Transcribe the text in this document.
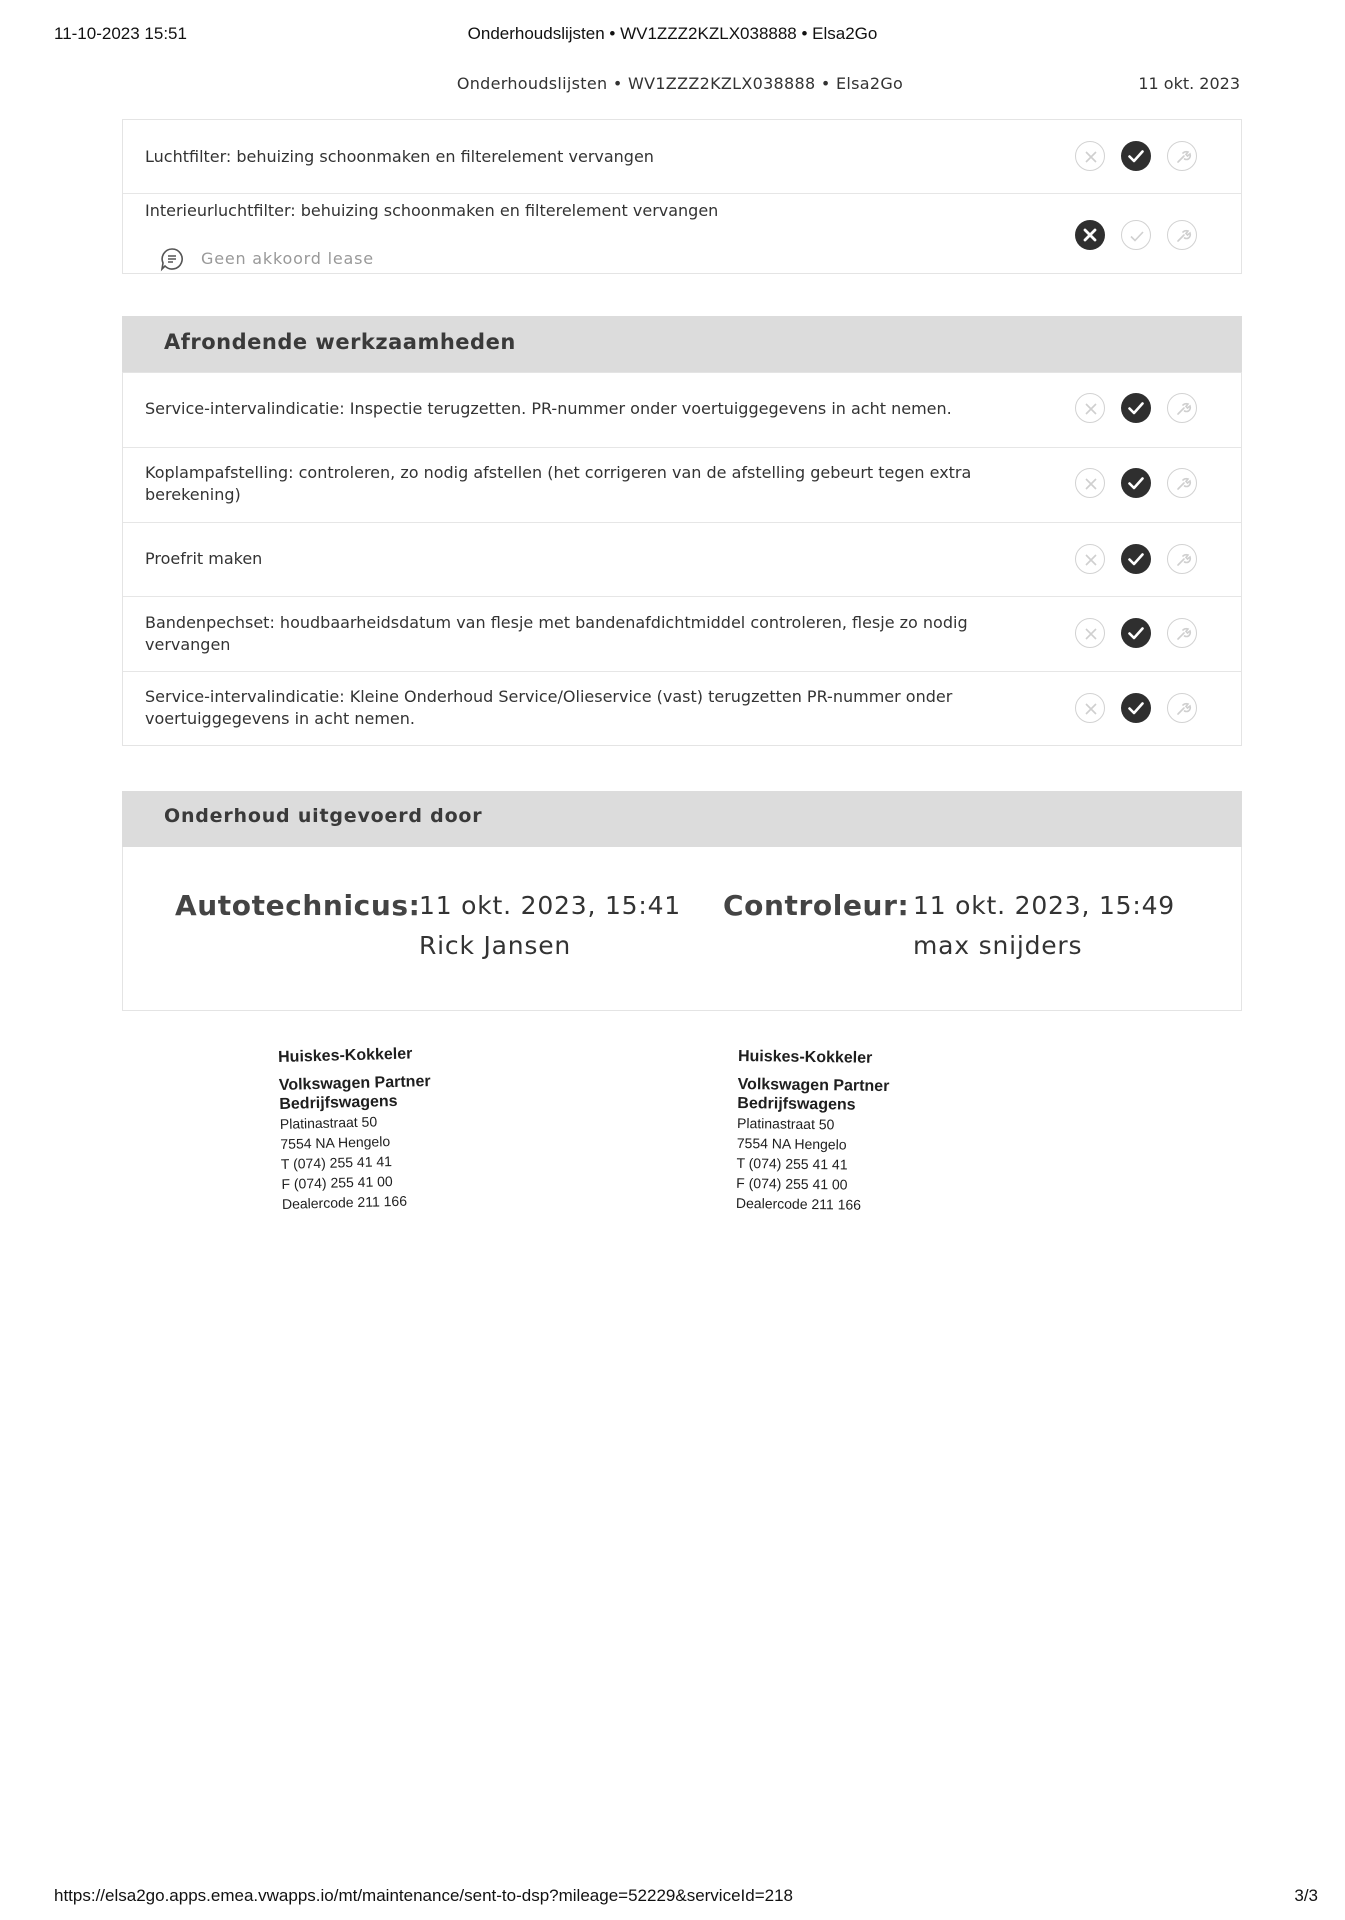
11-10-2023 15:51	Onderhoudslijsten • WV1ZZZ2KZLX038888 • Elsa2Go
Onderhoudslijsten • WV1ZZZ2KZLX038888 • Elsa2Go	11 okt. 2023
Luchtfilter: behuizing schoonmaken en filterelement vervangen
Interieurluchtfilter: behuizing schoonmaken en filterelement vervangen
Geen akkoord lease
Afrondende werkzaamheden
Service-intervalindicatie: Inspectie terugzetten. PR-nummer onder voertuiggegevens in acht nemen.
Koplampafstelling: controleren, zo nodig afstellen (het corrigeren van de afstelling gebeurt tegen extra berekening)
Proefrit maken
Bandenpechset: houdbaarheidsdatum van flesje met bandenafdichtmiddel controleren, flesje zo nodig vervangen
Service-intervalindicatie: Kleine Onderhoud Service/Olieservice (vast) terugzetten PR-nummer onder voertuiggegevens in acht nemen.
Onderhoud uitgevoerd door
Autotechnicus:
11 okt. 2023, 15:41
Rick Jansen
Controleur: 11 okt. 2023, 15:49
max snijders
Huiskes-Kokkeler
Volkswagen Partner
Bedrijfswagens
Platinastraat 50
7554 NA Hengelo
T (074) 255 41 41
F (074) 255 41 00
Dealercode 211 166
Huiskes-Kokkeler
Volkswagen Partner
Bedrijfswagens
Platinastraat 50
7554 NA Hengelo
T (074) 255 41 41
F (074) 255 41 00
Dealercode 211 166
https://elsa2go.apps.emea.vwapps.io/mt/maintenance/sent-to-dsp?mileage=52229&serviceId=218	3/3
